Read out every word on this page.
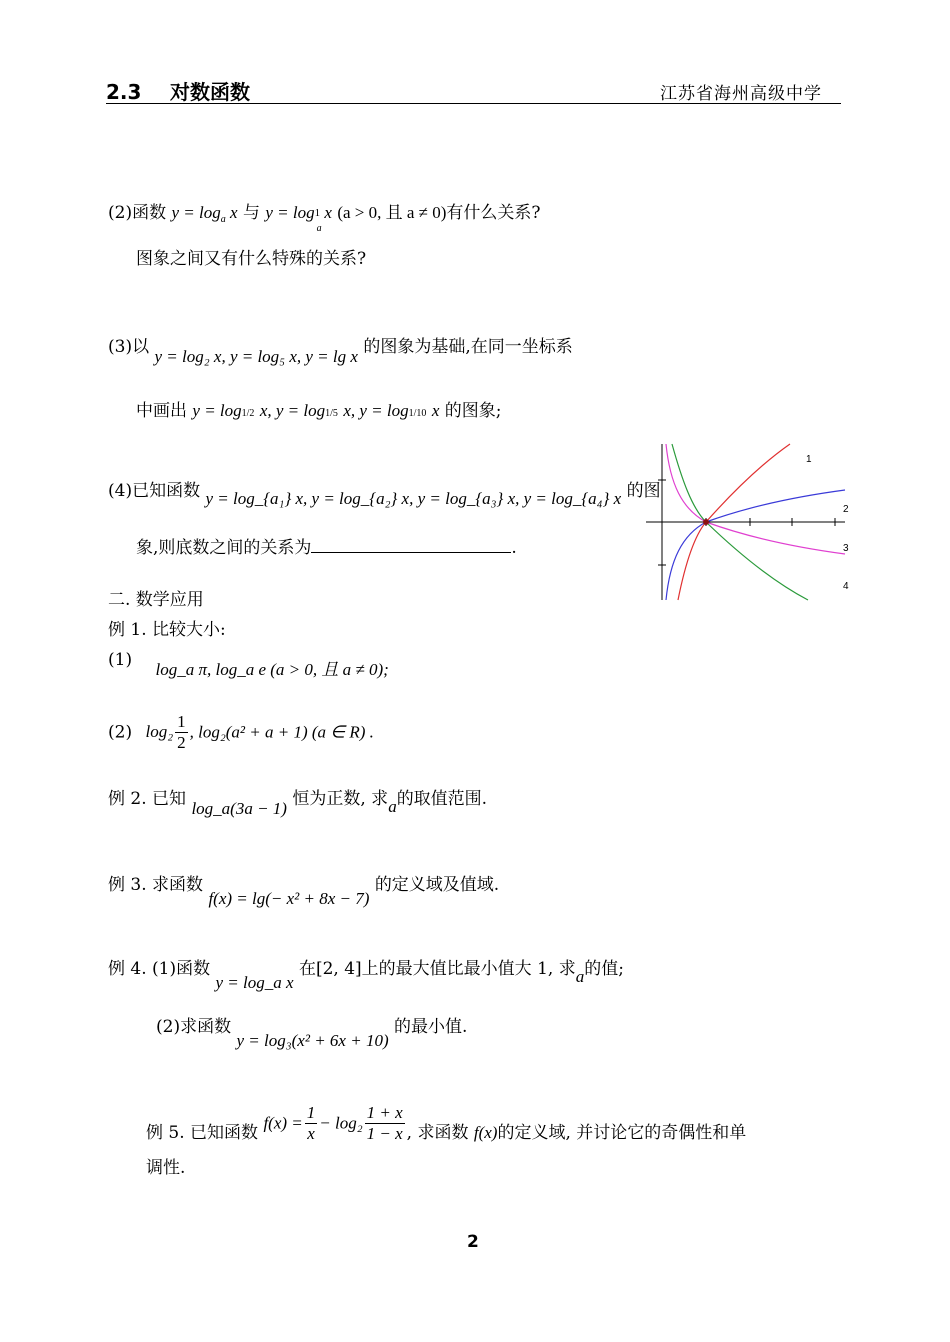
2.3 对数函数	江苏省海州高级中学
(2)函数 $y = \log_a x$ 与 y = log1
a
x (a > 0, 且 a ≠ 0)有什么关系?
图象之间又有什么特殊的关系?
(3)以 y = log₂ x, y = log₅ x, y = lg x 的图象为基础,在同一坐标系
中画出 y = log1/2 x, y = log1/5 x, y = log1/10 x 的图象;
(4)已知函数 y = log_{a₁} x, y = log_{a₂} x, y = log_{a₃} x, y = log_{a₄} x 的图
象,则底数之间的关系为	.
1
2
3
4
二. 数学应用
例 1. 比较大小:
(1) log_a π, log_a e (a > 0, 且 a ≠ 0);
(2) $\log_2 \frac{1}{2}$ , log₂(a² + a + 1) (a ∈ R) .
例 2. 已知 log_a(3a − 1) 恒为正数, 求a的取值范围.
例 3. 求函数 f(x) = lg(− x² + 8x − 7) 的定义域及值域.
例 4. (1)函数 y = log_a x 在[2, 4]上的最大值比最小值大 1, 求a的值;
(2)求函数 y = log₃(x² + 6x + 10) 的最小值.
例 5. 已知函数 $f(x) = \frac{1}{x} - \log_2 \frac{1 + x}{1 - x}$ , 求函数 f(x)的定义域, 并讨论它的奇偶性和单
调性.
2
